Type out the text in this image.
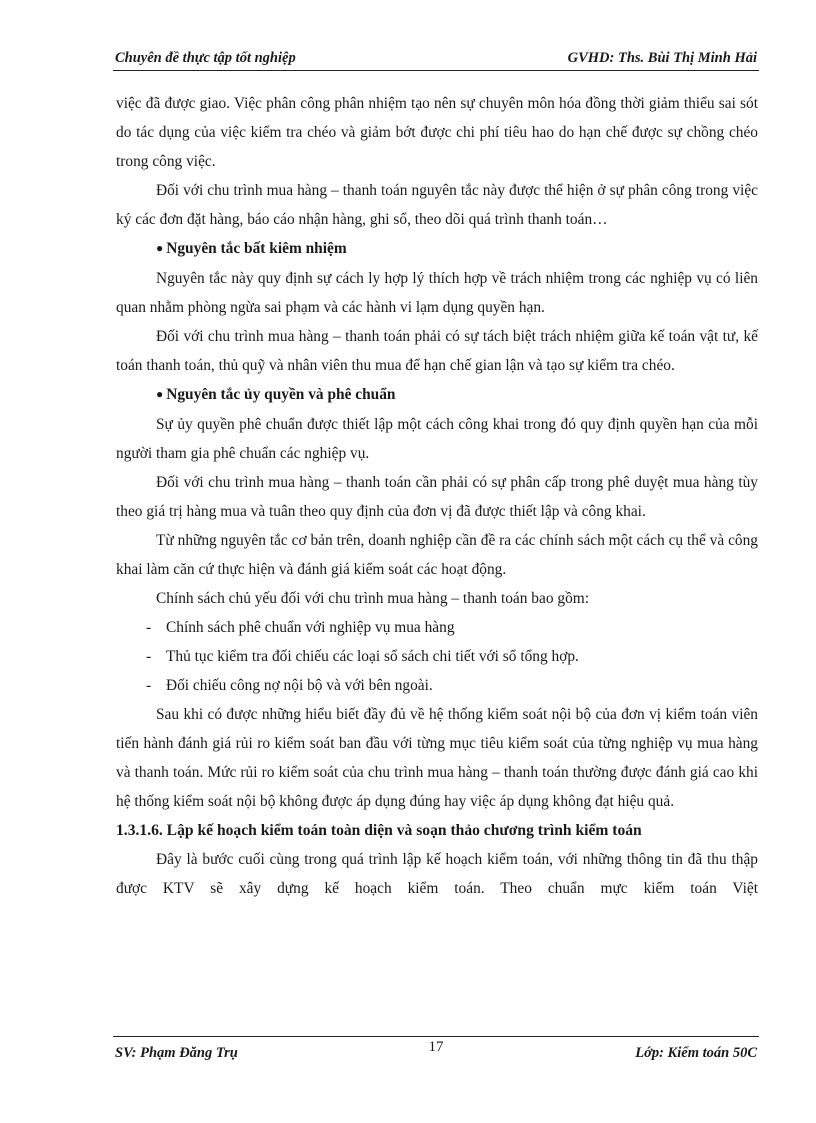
Chuyên đề thực tập tốt nghiệp	GVHD: Ths. Bùi Thị Minh Hải

việc đã được giao. Việc phân công phân nhiệm tạo nên sự chuyên môn hóa đồng thời giảm thiểu sai sót do tác dụng của việc kiểm tra chéo và giảm bớt được chi phí tiêu hao do hạn chế được sự chồng chéo trong công việc.

Đối với chu trình mua hàng – thanh toán nguyên tắc này được thể hiện ở sự phân công trong việc ký các đơn đặt hàng, báo cáo nhận hàng, ghi sổ, theo dõi quá trình thanh toán…

● Nguyên tắc bất kiêm nhiệm

Nguyên tắc này quy định sự cách ly hợp lý thích hợp về trách nhiệm trong các nghiệp vụ có liên quan nhằm phòng ngừa sai phạm và các hành vi lạm dụng quyền hạn.

Đối với chu trình mua hàng – thanh toán phải có sự tách biệt trách nhiệm giữa kế toán vật tư, kế toán thanh toán, thủ quỹ và nhân viên thu mua để hạn chế gian lận và tạo sự kiểm tra chéo.

● Nguyên tắc ủy quyền và phê chuẩn

Sự ủy quyền phê chuẩn được thiết lập một cách công khai trong đó quy định quyền hạn của mỗi người tham gia phê chuẩn các nghiệp vụ.

Đối với chu trình mua hàng – thanh toán cần phải có sự phân cấp trong phê duyệt mua hàng tùy theo giá trị hàng mua và tuân theo quy định của đơn vị đã được thiết lập và công khai.

Từ những nguyên tắc cơ bản trên, doanh nghiệp cần đề ra các chính sách một cách cụ thể và công khai làm căn cứ thực hiện và đánh giá kiểm soát các hoạt động.

Chính sách chủ yếu đối với chu trình mua hàng – thanh toán bao gồm:

- Chính sách phê chuẩn với nghiệp vụ mua hàng

- Thủ tục kiểm tra đối chiếu các loại sổ sách chi tiết với sổ tổng hợp.

- Đối chiếu công nợ nội bộ và với bên ngoài.

Sau khi có được những hiểu biết đầy đủ về hệ thống kiểm soát nội bộ của đơn vị kiểm toán viên tiến hành đánh giá rủi ro kiểm soát ban đầu với từng mục tiêu kiểm soát của từng nghiệp vụ mua hàng và thanh toán. Mức rủi ro kiểm soát của chu trình mua hàng – thanh toán thường được đánh giá cao khi hệ thống kiểm soát nội bộ không được áp dụng đúng hay việc áp dụng không đạt hiệu quả.

1.3.1.6. Lập kế hoạch kiểm toán toàn diện và soạn thảo chương trình kiểm toán

Đây là bước cuối cùng trong quá trình lập kế hoạch kiểm toán, với những thông tin đã thu thập được KTV sẽ xây dựng kế hoạch kiểm toán. Theo chuẩn mực kiểm toán Việt

SV: Phạm Đăng Trụ	17	Lớp: Kiểm toán 50C
